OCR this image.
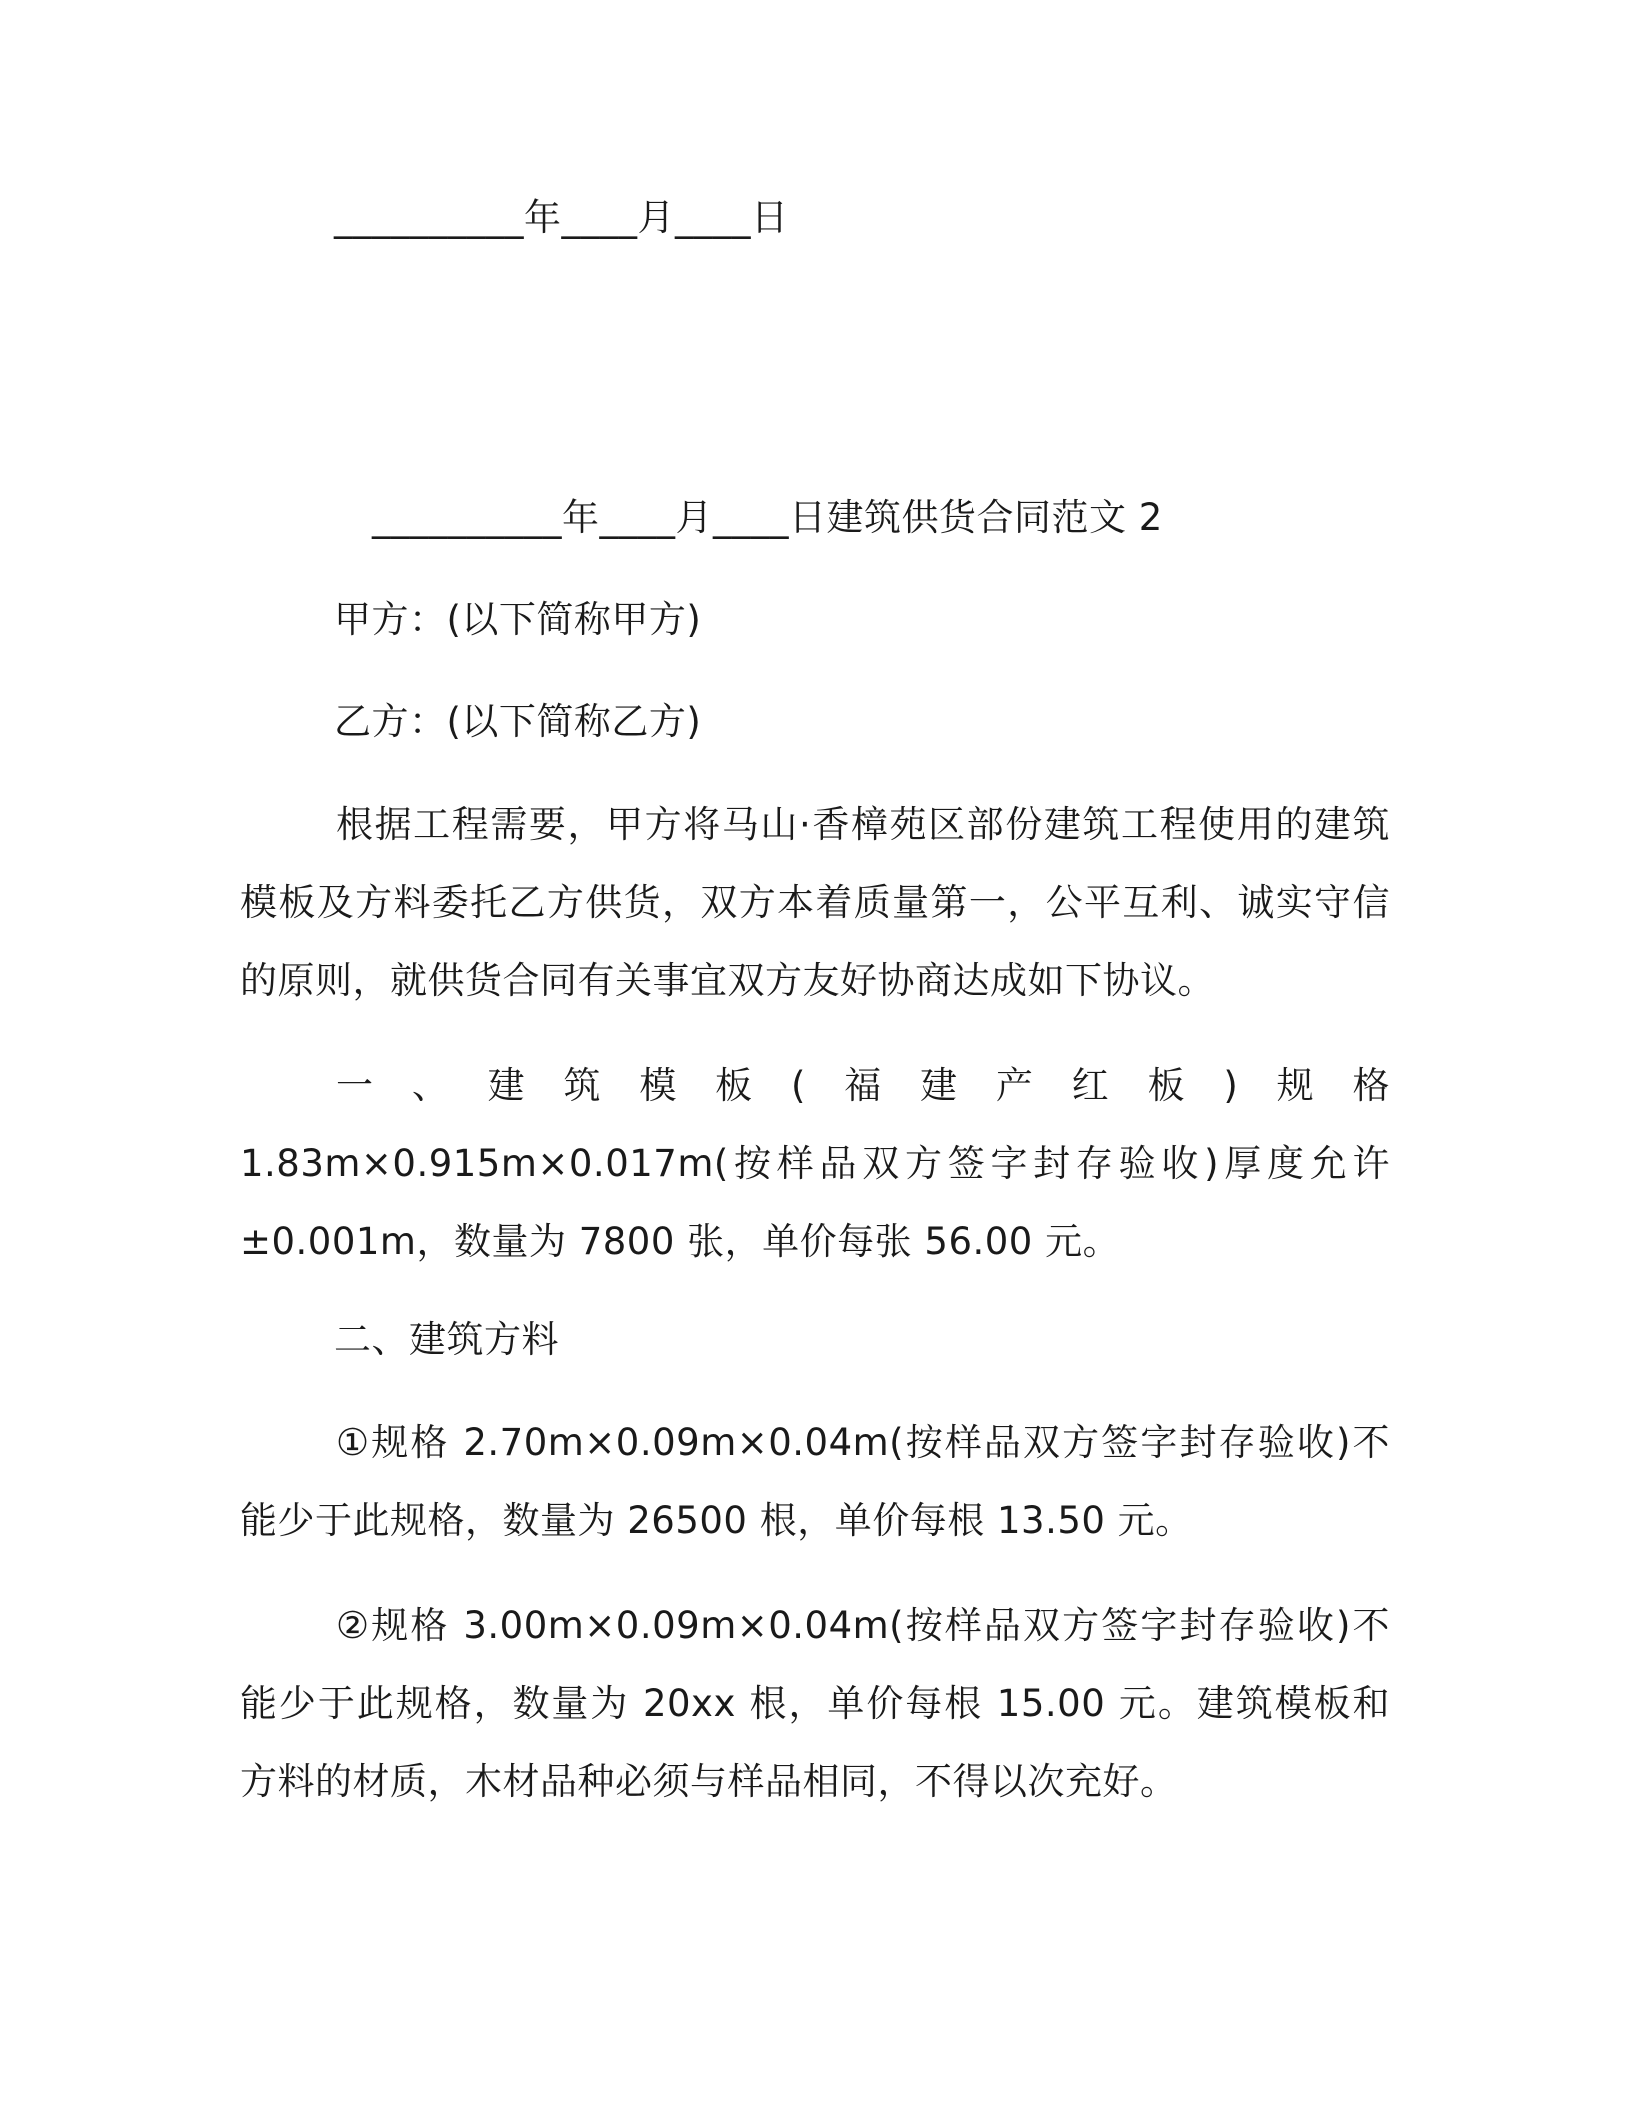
__________年____月____日
__________年____月____日建筑供货合同范文 2
甲方：(以下简称甲方)
乙方：(以下简称乙方)
根据工程需要，甲方将马山·香樟苑区部份建筑工程使用的建筑模板及方料委托乙方供货，双方本着质量第一，公平互利、诚实守信的原则，就供货合同有关事宜双方友好协商达成如下协议。
一、建筑模板(福建产红板)规格 1.83m×0.915m×0.017m(按样品双方签字封存验收)厚度允许±0.001m，数量为 7800 张，单价每张 56.00 元。
二、建筑方料
①规格 2.70m×0.09m×0.04m(按样品双方签字封存验收)不能少于此规格，数量为 26500 根，单价每根 13.50 元。
②规格 3.00m×0.09m×0.04m(按样品双方签字封存验收)不能少于此规格，数量为 20xx 根，单价每根 15.00 元。建筑模板和方料的材质，木材品种必须与样品相同，不得以次充好。
